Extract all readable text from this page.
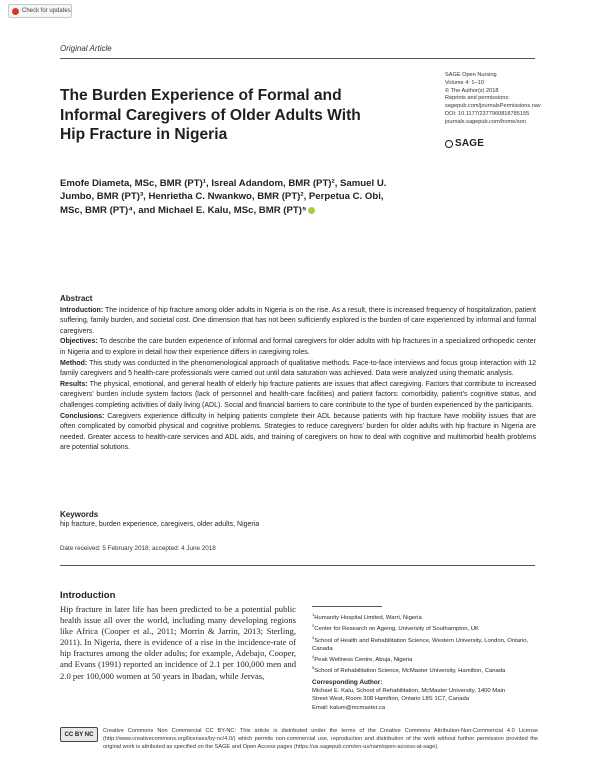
Check for updates
Original Article
The Burden Experience of Formal and Informal Caregivers of Older Adults With Hip Fracture in Nigeria
SAGE Open Nursing
Volume 4: 1–10
© The Author(s) 2018
Reprints and permissions:
sagepub.com/journalsPermissions.nav
DOI: 10.1177/2377960818785155
journals.sagepub.com/home/son
SAGE
Emofe Diameta, MSc, BMR (PT)¹, Isreal Adandom, BMR (PT)², Samuel U. Jumbo, BMR (PT)³, Henrietha C. Nwankwo, BMR (PT)², Perpetua C. Obi, MSc, BMR (PT)⁴, and Michael E. Kalu, MSc, BMR (PT)⁵
Abstract

Introduction: The incidence of hip fracture among older adults in Nigeria is on the rise. As a result, there is increased frequency of hospitalization, patient suffering, family burden, and societal cost. One dimension that has not been sufficiently explored is the burden of care experienced by informal and formal caregivers.

Objectives: To describe the care burden experience of informal and formal caregivers for older adults with hip fractures in a specialized orthopedic center in Nigeria and to explore in detail how their experience differs in caregiving roles.

Method: This study was conducted in the phenomenological approach of qualitative methods. Face-to-face interviews and focus group interaction with 12 family caregivers and 5 health-care professionals were carried out until data saturation was achieved. Data were analyzed using thematic analysis.

Results: The physical, emotional, and general health of elderly hip fracture patients are issues that affect caregiving. Factors that contribute to increased caregivers’ burden include system factors (lack of personnel and health-care facilities) and patient factors: comorbidity, patient’s cognitive status, and challenges completing activities of daily living (ADL). Social and financial barriers to care contribute to the type of burden experienced by the participants.

Conclusions: Caregivers experience difficulty in helping patients complete their ADL because patients with hip fracture have mobility issues that are often complicated by comorbid physical and cognitive problems. Strategies to reduce caregivers’ burden for older adults with hip fracture in Nigeria are needed. Greater access to health-care services and ADL aids, and training of caregivers on how to deal with cognitive and multimorbid health problems are potential solutions.

Keywords
hip fracture, burden experience, caregivers, older adults, Nigeria
Date received: 5 February 2018; accepted: 4 June 2018
Introduction

Hip fracture in later life has been predicted to be a potential public health issue all over the world, including many developing regions like Africa (Cooper et al., 2011; Morrin & Jarrin, 2013; Sterling, 2011). In Nigeria, there is evidence of a rise in the incidence-rate of hip fractures among the older adults; for example, Adebajo, Cooper, and Evans (1991) reported an incidence of 2.1 per 100,000 men and 2.0 per 100,000 women at 50 years in Ibadan, while Jervas,

$^1$Humanity Hospital Limited, Warri, Nigeria
$^2$Center for Research on Ageing, University of Southampton, UK
$^3$School of Health and Rehabilitation Science, Western University, London, Ontario, Canada
$^4$Peak Wellness Centre, Abuja, Nigeria
$^5$School of Rehabilitation Science, McMaster University, Hamilton, Canada
Corresponding Author:
Michael E. Kalu, School of Rehabilitation, McMaster University, 1400 Main
Street West, Room 308 Hamilton, Ontario L8S 1C7, Canada
Email: kalum@mcmaster.ca
CC BY NC
Creative Commons Non Commercial CC BY-NC: This article is distributed under the terms of the Creative Commons Attribution-Non-Commercial 4.0 License (http://www.creativecommons.org/licenses/by-nc/4.0/) which permits non-commercial use, reproduction and distribution of the work without further permission provided the original work is attributed as specified on the SAGE and Open Access pages (https://us.sagepub.com/en-us/nam/open-access-at-sage).
